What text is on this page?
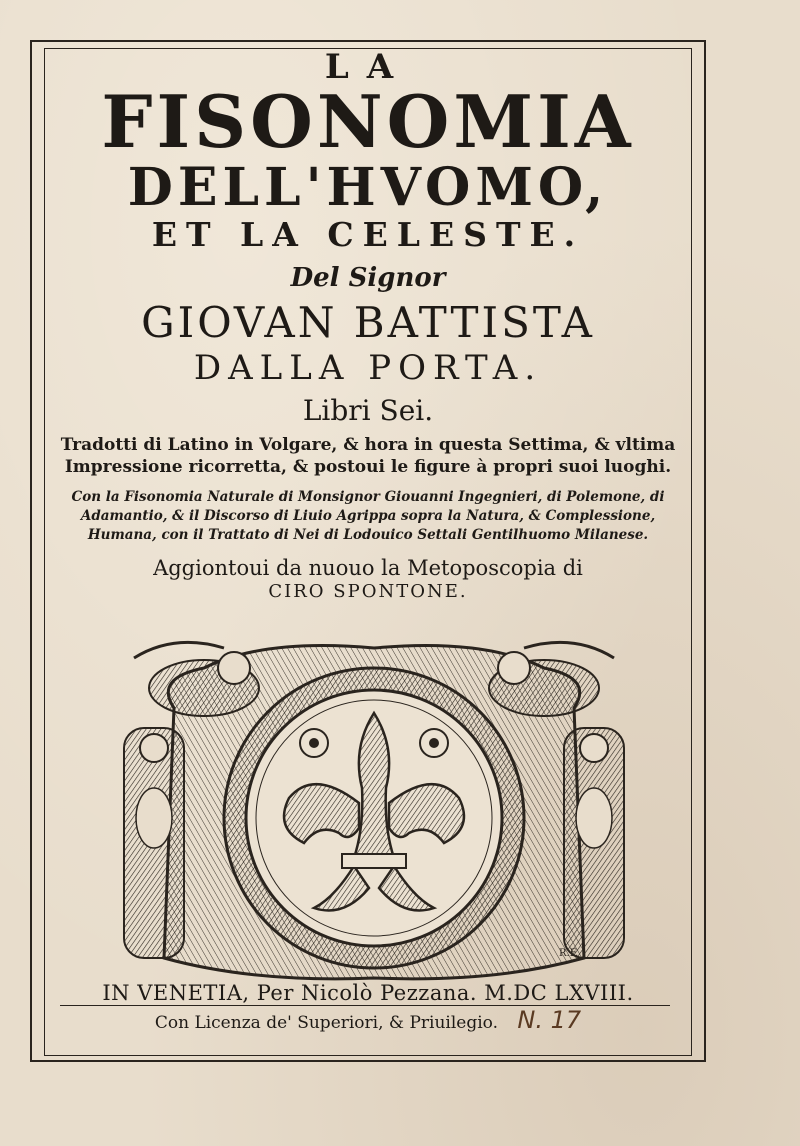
LA
FISONOMIA
DELL'HVOMO,
ET LA CELESTE.
Del Signor
GIOVAN BATTISTA
DALLA PORTA.
Libri Sei.
Tradotti di Latino in Volgare, & hora in questa Settima, & vltima
Impressione ricorretta, & postoui le figure à propri suoi luoghi.
Con la Fisonomia Naturale di Monsignor Giouanni Ingegnieri, di Polemone, di
Adamantio, & il Discorso di Liuio Agrippa sopra la Natura, & Complessione,
Humana, con il Trattato di Nei di Lodouico Settali Gentilhuomo Milanese.
Aggiontoui da nuouo la Metoposcopia di
CIRO SPONTONE.
R.F.
IN VENETIA, Per Nicolò Pezzana. M.DC LXVIII.
Con Licenza de' Superiori, & Priuilegio. N. 17
